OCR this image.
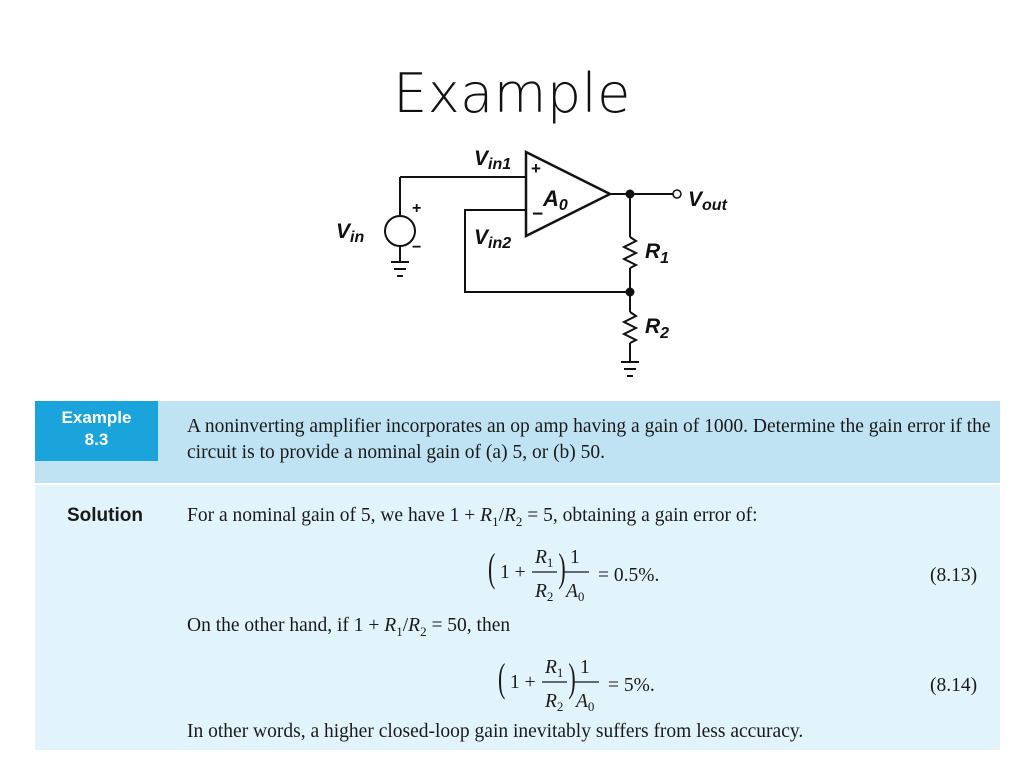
Example
Vin1
Vin2
Vin
A0	Vout
$R_1$
$R_2$
+
−
+
−
Example
8.3
A noninverting amplifier incorporates an op amp having a gain of 1000. Determine the gain error if the circuit is to provide a nominal gain of (a) 5, or (b) 50.
Solution For a nominal gain of 5, we have $1 + R_1/R_2 = 5$, obtaining a gain error of:
( 1 +
$R_1$
$R_2$
) 1
$A_0$
= 0.5%.	(8.13)
On the other hand, if $1 + R_1/R_2 = 50$, then
( 1 +
$R_1$
$R_2$
) 1
$A_0$
= 5%.	(8.14)
In other words, a higher closed-loop gain inevitably suffers from less accuracy.
